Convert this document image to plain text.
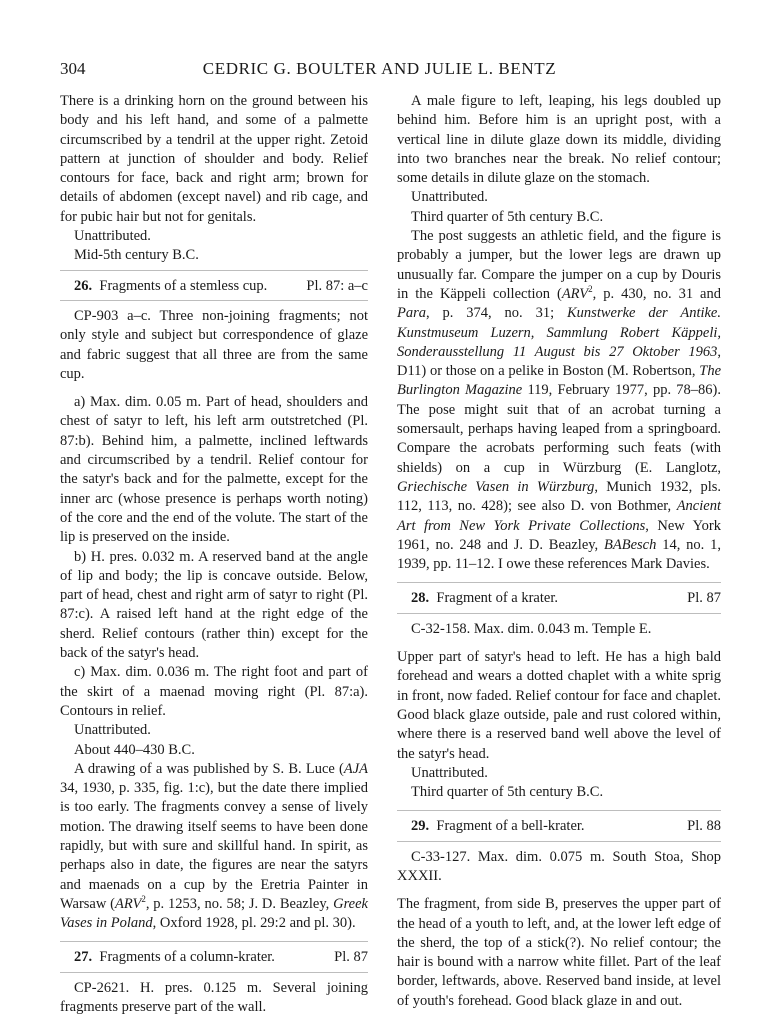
304	CEDRIC G. BOULTER AND JULIE L. BENTZ

There is a drinking horn on the ground between his body and his left hand, and some of a palmette circumscribed by a tendril at the upper right. Zetoid pattern at junction of shoulder and body. Relief contours for face, back and right arm; brown for details of abdomen (except navel) and rib cage, and for pubic hair but not for genitals.

Unattributed.

Mid-5th century B.C.

26. Fragments of a stemless cup.	Pl. 87: a–c

CP-903 a–c. Three non-joining fragments; not only style and subject but correspondence of glaze and fabric suggest that all three are from the same cup.

a) Max. dim. 0.05 m. Part of head, shoulders and chest of satyr to left, his left arm outstretched (Pl. 87:b). Behind him, a palmette, inclined leftwards and circumscribed by a tendril. Relief contour for the satyr's back and for the palmette, except for the inner arc (whose presence is perhaps worth noting) of the core and the end of the volute. The start of the lip is preserved on the inside.

b) H. pres. 0.032 m. A reserved band at the angle of lip and body; the lip is concave outside. Below, part of head, chest and right arm of satyr to right (Pl. 87:c). A raised left hand at the right edge of the sherd. Relief contours (rather thin) except for the back of the satyr's head.

c) Max. dim. 0.036 m. The right foot and part of the skirt of a maenad moving right (Pl. 87:a). Contours in relief.

Unattributed.

About 440–430 B.C.

A drawing of a was published by S. B. Luce (AJA 34, 1930, p. 335, fig. 1:c), but the date there implied is too early. The fragments convey a sense of lively motion. The drawing itself seems to have been done rapidly, but with sure and skillful hand. In spirit, as perhaps also in date, the figures are near the satyrs and maenads on a cup by the Eretria Painter in Warsaw (ARV$^2$, p. 1253, no. 58; J. D. Beazley, Greek Vases in Poland, Oxford 1928, pl. 29:2 and pl. 30).

27. Fragments of a column-krater.	Pl. 87

CP-2621. H. pres. 0.125 m. Several joining fragments preserve part of the wall.

A male figure to left, leaping, his legs doubled up behind him. Before him is an upright post, with a vertical line in dilute glaze down its middle, dividing into two branches near the break. No relief contour; some details in dilute glaze on the stomach.

Unattributed.

Third quarter of 5th century B.C.

The post suggests an athletic field, and the figure is probably a jumper, but the lower legs are drawn up unusually far. Compare the jumper on a cup by Douris in the Käppeli collection (ARV$^2$, p. 430, no. 31 and Para, p. 374, no. 31; Kunstwerke der Antike. Kunstmuseum Luzern, Sammlung Robert Käppeli, Sonderausstellung 11 August bis 27 Oktober 1963, D11) or those on a pelike in Boston (M. Robertson, The Burlington Magazine 119, February 1977, pp. 78–86). The pose might suit that of an acrobat turning a somersault, perhaps having leaped from a springboard. Compare the acrobats performing such feats (with shields) on a cup in Würzburg (E. Langlotz, Griechische Vasen in Würzburg, Munich 1932, pls. 112, 113, no. 428); see also D. von Bothmer, Ancient Art from New York Private Collections, New York 1961, no. 248 and J. D. Beazley, BABesch 14, no. 1, 1939, pp. 11–12. I owe these references Mark Davies.

28. Fragment of a krater.	Pl. 87

C-32-158. Max. dim. 0.043 m. Temple E.

Upper part of satyr's head to left. He has a high bald forehead and wears a dotted chaplet with a white sprig in front, now faded. Relief contour for face and chaplet. Good black glaze outside, pale and rust colored within, where there is a reserved band well above the level of the satyr's head.

Unattributed.

Third quarter of 5th century B.C.

29. Fragment of a bell-krater.	Pl. 88

C-33-127. Max. dim. 0.075 m. South Stoa, Shop XXXII.

The fragment, from side B, preserves the upper part of the head of a youth to left, and, at the lower left edge of the sherd, the top of a stick(?). No relief contour; the hair is bound with a narrow white fillet. Part of the leaf border, leftwards, above. Reserved band inside, at level of youth's forehead. Good black glaze in and out.
